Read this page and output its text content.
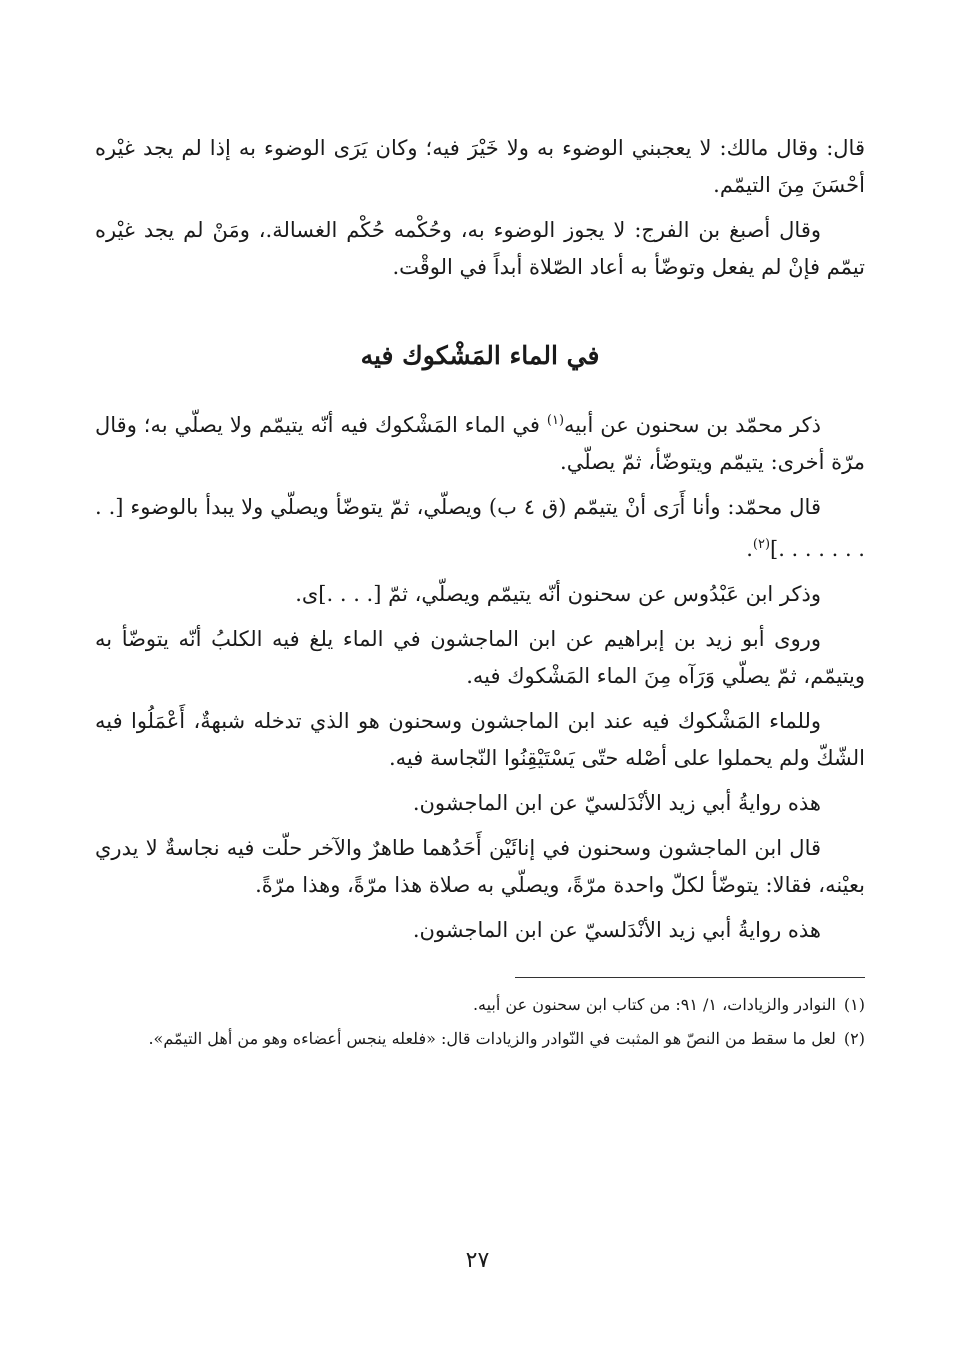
قال: وقال مالك: لا يعجبني الوضوء به ولا خَيْرَ فيه؛ وكان يَرَى الوضوء به إذا لم يجد غيْره أحْسَنَ مِنَ التيمّم.

وقال أصبغ بن الفرج: لا يجوز الوضوء به، وحُكْمه حُكْم الغسالة.، ومَنْ لم يجد غيْره تيمّم فإنْ لم يفعل وتوضّأ به أعاد الصّلاة أبداً في الوقْت.

في الماء المَشْكوك فيه

ذكر محمّد بن سحنون عن أبيه$^{(١)}$ في الماء المَشْكوك فيه أنّه يتيمّم ولا يصلّي به؛ وقال مرّة أخرى: يتيمّم ويتوضّأ، ثمّ يصلّي.

قال محمّد: وأنا أَرَى أنْ يتيمّم (ق ٤ ب) ويصلّي، ثمّ يتوضّأ ويصلّي ولا يبدأ بالوضوء [. . . . . . . . .]$^{(٢)}$.

وذكر ابن عَبْدُوس عن سحنون أنّه يتيمّم ويصلّي، ثمّ [. . . .]ى.

وروى أبو زيد بن إبراهيم عن ابن الماجشون في الماء يلغ فيه الكلبُ أنّه يتوضّأ به ويتيمّم، ثمّ يصلّي وَرَآه مِنَ الماء المَشْكوك فيه.

وللماء المَشْكوك فيه عند ابن الماجشون وسحنون هو الذي تدخله شبهةٌ، أَعْمَلُوا فيه الشّكّ ولم يحملوا على أصْله حتّى يَسْتَيْقِنُوا النّجاسة فيه.

هذه روايةُ أبي زيد الأنْدَلسيّ عن ابن الماجشون.

قال ابن الماجشون وسحنون في إنائَيْن أَحَدُهما طاهرٌ والآخر حلّت فيه نجاسةٌ لا يدري بعيْنه، فقالا: يتوضّأ لكلّ واحدة مرّةً، ويصلّي به صلاة هذا مرّةً، وهذا مرّةً.

هذه روايةُ أبي زيد الأنْدَلسيّ عن ابن الماجشون.

(١)النوادر والزيادات، ١/ ٩١: من كتاب ابن سحنون عن أبيه.

(٢)لعل ما سقط من النصّ هو المثبت في النّوادر والزيادات قال: «فلعله ينجس أعضاءه وهو من أهل التيمّم».

٢٧
